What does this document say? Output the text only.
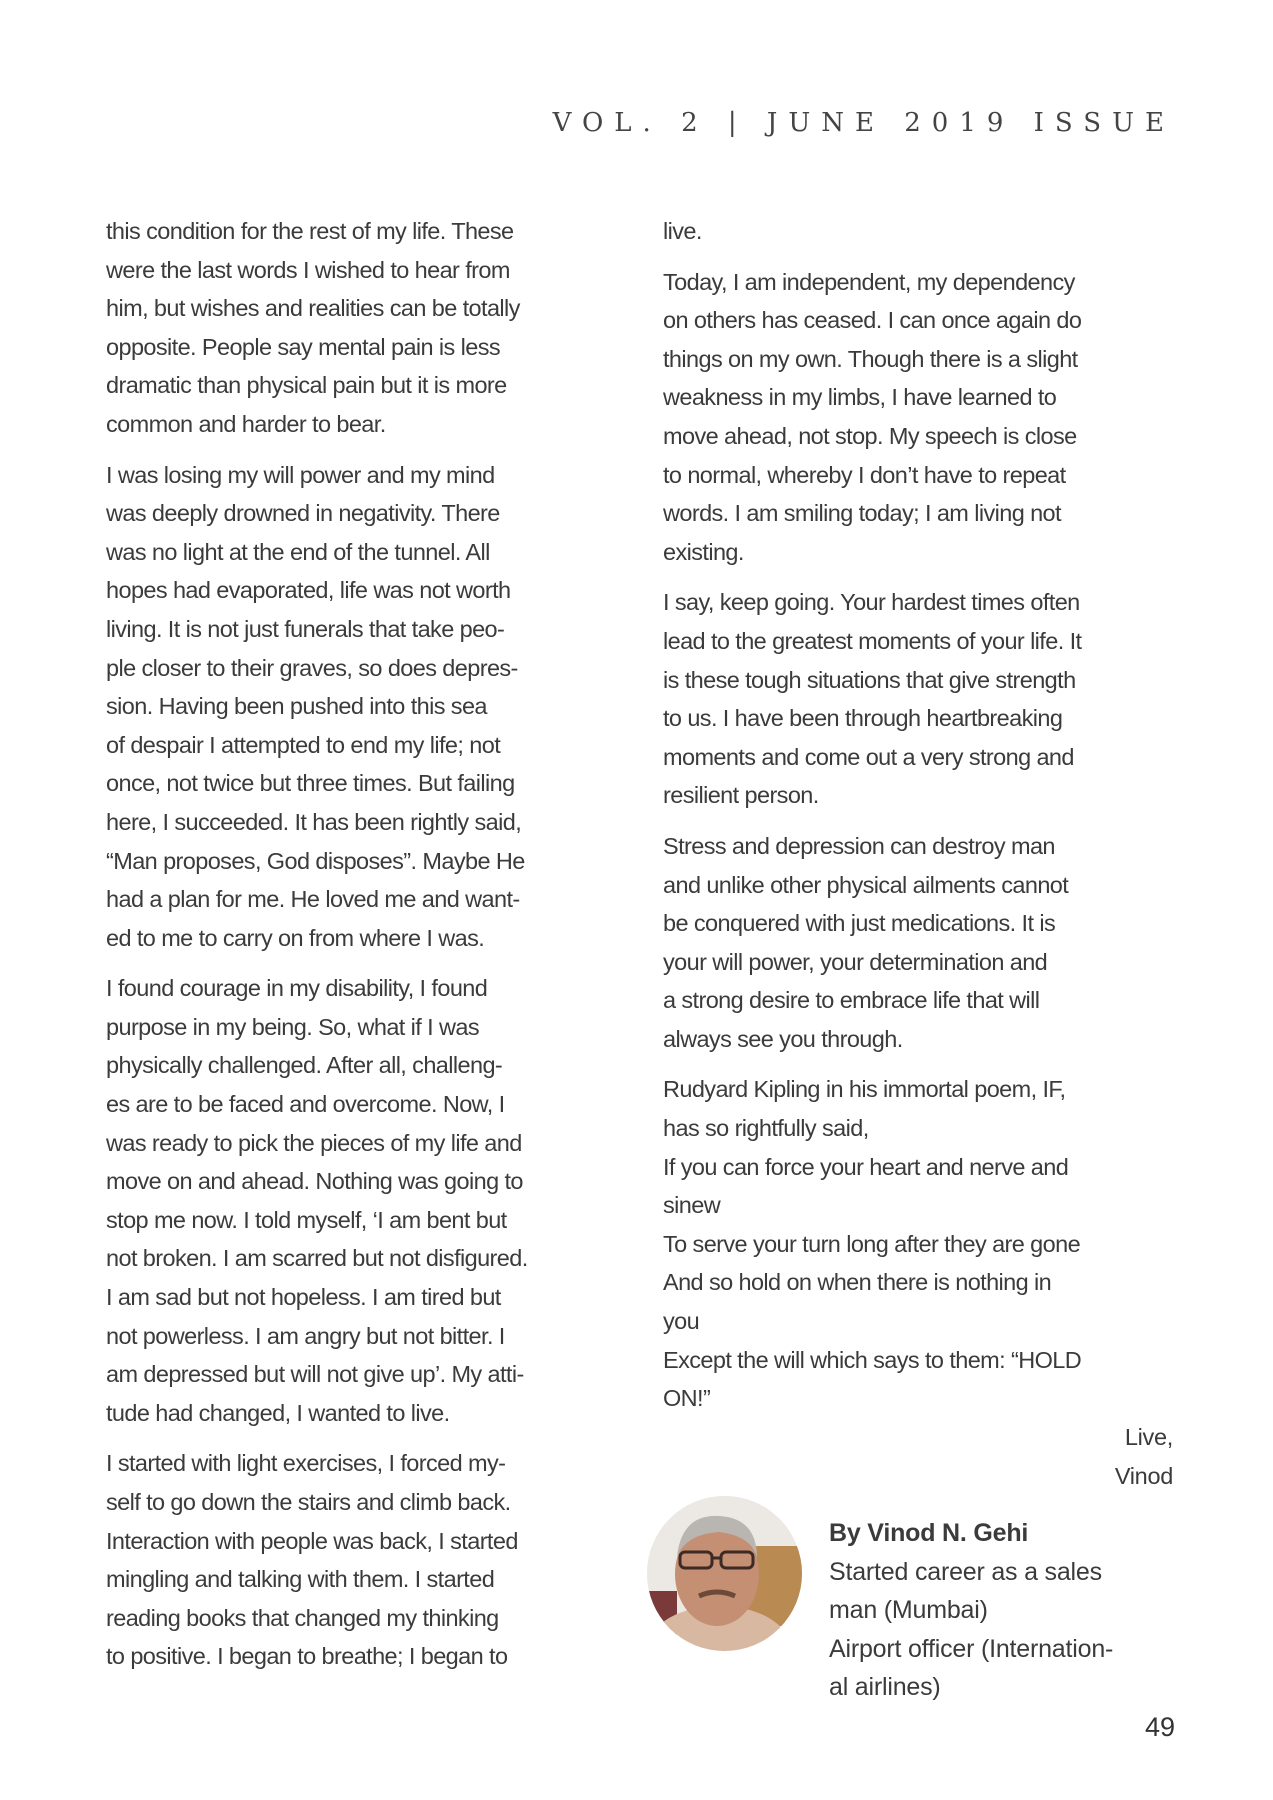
VOL. 2 | JUNE 2019 ISSUE
this condition for the rest of my life. These
were the last words I wished to hear from
him, but wishes and realities can be totally
opposite. People say mental pain is less
dramatic than physical pain but it is more
common and harder to bear.
I was losing my will power and my mind
was deeply drowned in negativity. There
was no light at the end of the tunnel. All
hopes had evaporated, life was not worth
living. It is not just funerals that take peo-
ple closer to their graves, so does depres-
sion. Having been pushed into this sea
of despair I attempted to end my life; not
once, not twice but three times. But failing
here, I succeeded. It has been rightly said,
“Man proposes, God disposes”. Maybe He
had a plan for me. He loved me and want-
ed to me to carry on from where I was.
I found courage in my disability, I found
purpose in my being. So, what if I was
physically challenged. After all, challeng-
es are to be faced and overcome. Now, I
was ready to pick the pieces of my life and
move on and ahead. Nothing was going to
stop me now. I told myself, ‘I am bent but
not broken. I am scarred but not disfigured.
I am sad but not hopeless. I am tired but
not powerless. I am angry but not bitter. I
am depressed but will not give up’. My atti-
tude had changed, I wanted to live.
I started with light exercises, I forced my-
self to go down the stairs and climb back.
Interaction with people was back, I started
mingling and talking with them. I started
reading books that changed my thinking
to positive. I began to breathe; I began to
live.
Today, I am independent, my dependency
on others has ceased. I can once again do
things on my own. Though there is a slight
weakness in my limbs, I have learned to
move ahead, not stop. My speech is close
to normal, whereby I don’t have to repeat
words. I am smiling today; I am living not
existing.
I say, keep going. Your hardest times often
lead to the greatest moments of your life. It
is these tough situations that give strength
to us. I have been through heartbreaking
moments and come out a very strong and
resilient person.
Stress and depression can destroy man
and unlike other physical ailments cannot
be conquered with just medications. It is
your will power, your determination and
a strong desire to embrace life that will
always see you through.
Rudyard Kipling in his immortal poem, IF,
has so rightfully said,
If you can force your heart and nerve and
sinew
To serve your turn long after they are gone
And so hold on when there is nothing in
you
Except the will which says to them: “HOLD
ON!”
Live,
Vinod
By Vinod N. Gehi
Started career as a sales
man (Mumbai)
Airport officer (Internation-
al airlines)
49
